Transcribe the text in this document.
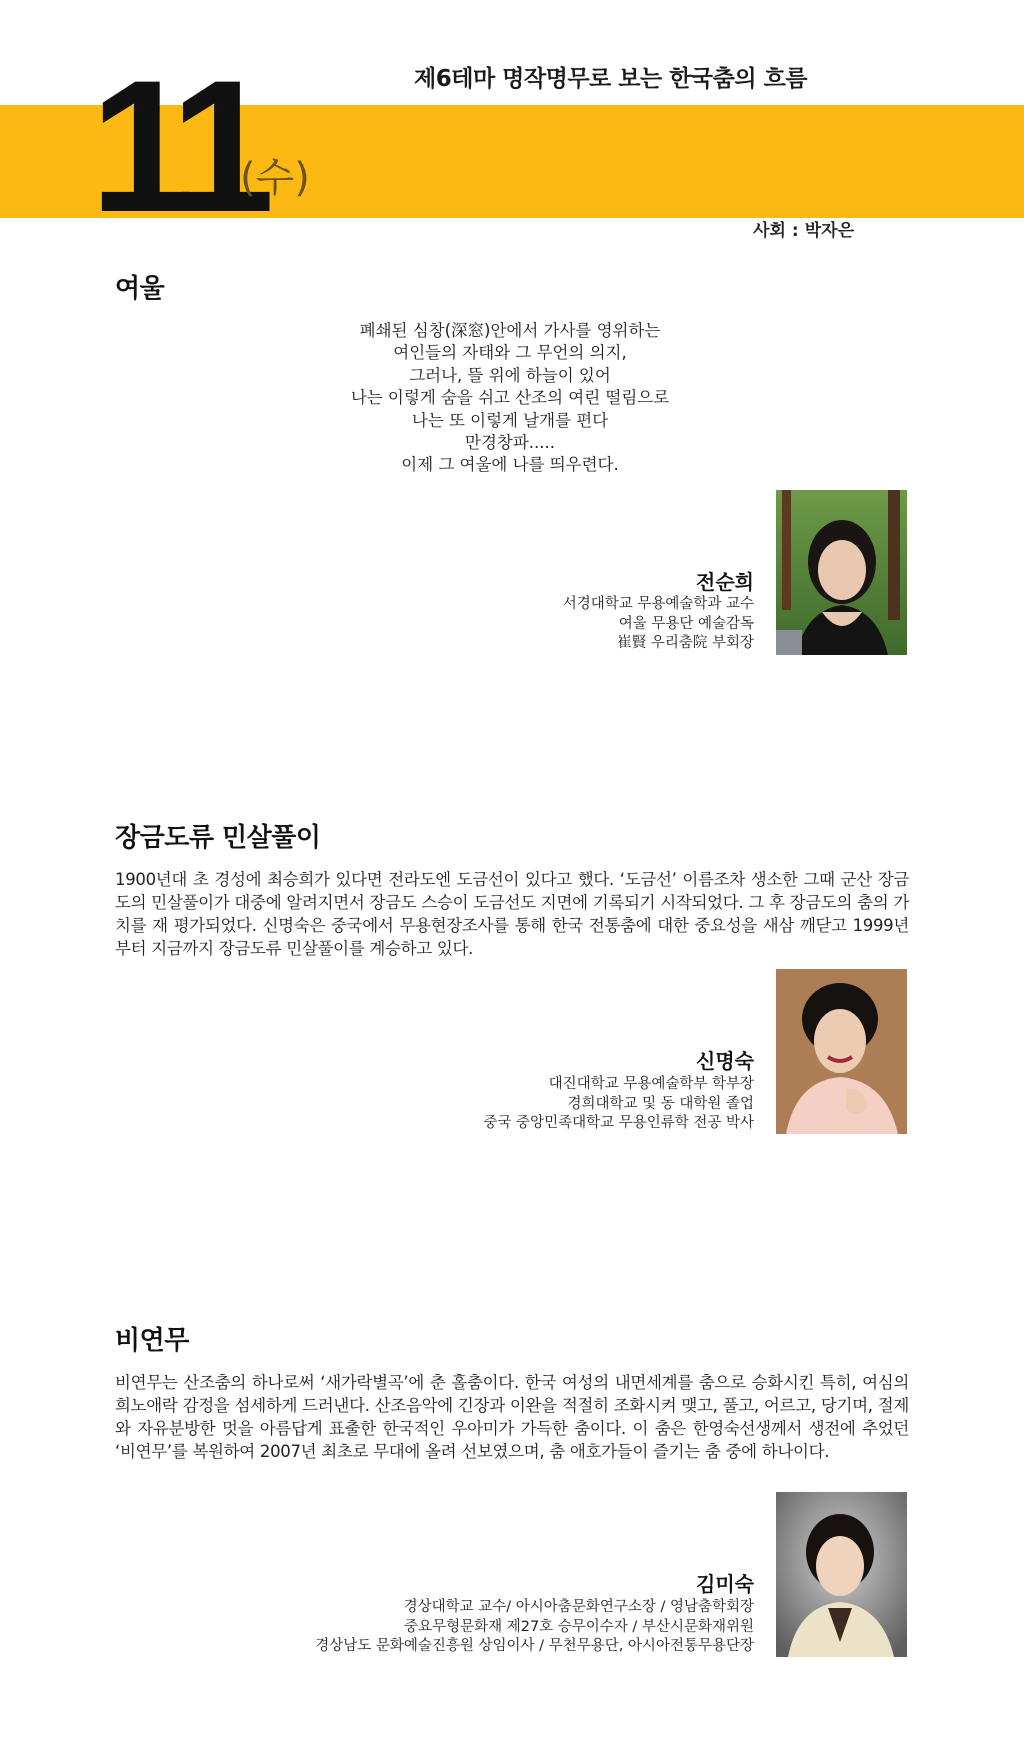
11
(수)
제6테마 명작명무로 보는 한국춤의 흐름
사회 : 박자은
여울
폐쇄된 심창(深窓)안에서 가사를 영위하는
여인들의 자태와 그 무언의 의지,
그러나, 뜰 위에 하늘이 있어
나는 이렇게 숨을 쉬고 산조의 여린 떨림으로
나는 또 이렇게 날개를 편다
만경창파.....
이제 그 여울에 나를 띄우련다.
전순희
서경대학교 무용예술학과 교수
여울 무용단 예술감독
崔賢 우리춤院 부회장
장금도류 민살풀이
1900년대 초 경성에 최승희가 있다면 전라도엔 도금선이 있다고 했다. ‘도금선’ 이름조차 생소한 그때 군산 장금도의 민살풀이가 대중에 알려지면서 장금도 스승이 도금선도 지면에 기록되기 시작되었다. 그 후 장금도의 춤의 가치를 재 평가되었다. 신명숙은 중국에서 무용현장조사를 통해 한국 전통춤에 대한 중요성을 새삼 깨닫고 1999년부터 지금까지 장금도류 민살풀이를 계승하고 있다.
신명숙
대진대학교 무용예술학부 학부장
경희대학교 및 동 대학원 졸업
중국 중앙민족대학교 무용인류학 전공 박사
비연무
비연무는 산조춤의 하나로써 ‘새가락별곡’에 춘 홀춤이다. 한국 여성의 내면세계를 춤으로 승화시킨 특히, 여심의 희노애락 감정을 섬세하게 드러낸다. 산조음악에 긴장과 이완을 적절히 조화시켜 맺고, 풀고, 어르고, 당기며, 절제와 자유분방한 멋을 아름답게 표출한 한국적인 우아미가 가득한 춤이다. 이 춤은 한영숙선생께서 생전에 추었던 ‘비연무’를 복원하여 2007년 최초로 무대에 올려 선보였으며, 춤 애호가들이 즐기는 춤 중에 하나이다.
김미숙
경상대학교 교수/ 아시아춤문화연구소장 / 영남춤학회장
중요무형문화재 제27호 승무이수자 / 부산시문화재위원
경상남도 문화예술진흥원 상임이사 / 무천무용단, 아시아전통무용단장
